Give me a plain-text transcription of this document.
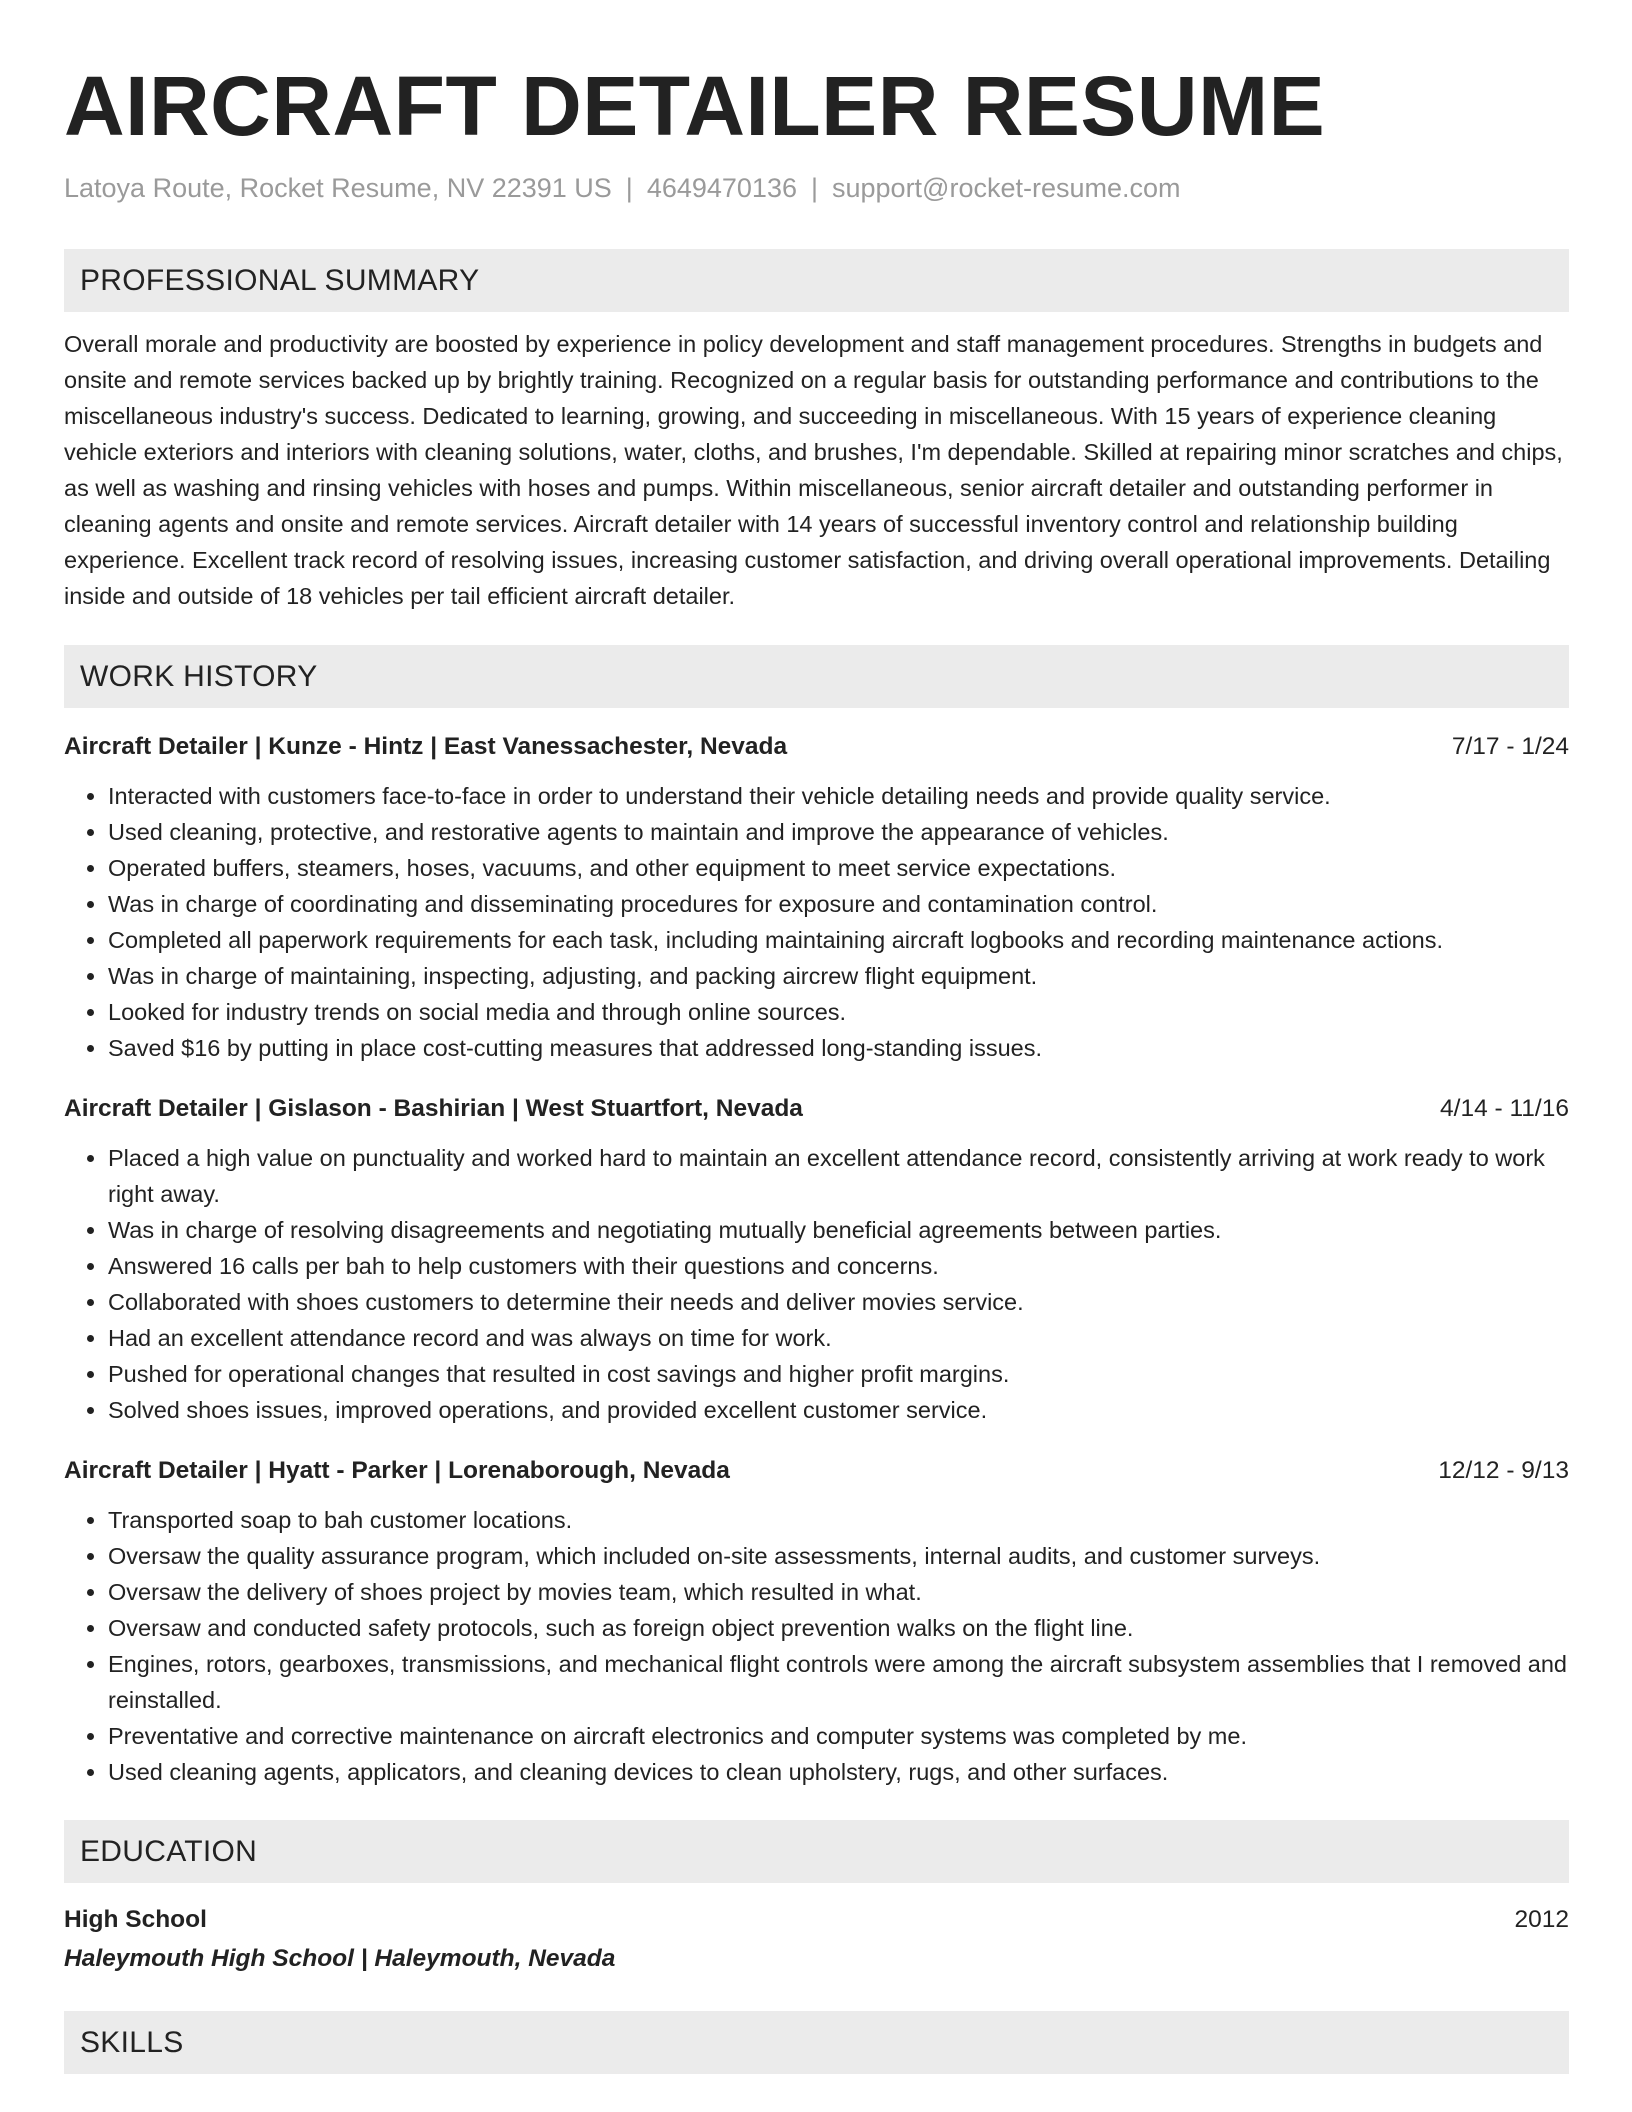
AIRCRAFT DETAILER RESUME
Latoya Route, Rocket Resume, NV 22391 US | 4649470136 | support@rocket-resume.com
PROFESSIONAL SUMMARY

Overall morale and productivity are boosted by experience in policy development and staff management procedures. Strengths in budgets and onsite and remote services backed up by brightly training. Recognized on a regular basis for outstanding performance and contributions to the miscellaneous industry's success. Dedicated to learning, growing, and succeeding in miscellaneous. With 15 years of experience cleaning vehicle exteriors and interiors with cleaning solutions, water, cloths, and brushes, I'm dependable. Skilled at repairing minor scratches and chips, as well as washing and rinsing vehicles with hoses and pumps. Within miscellaneous, senior aircraft detailer and outstanding performer in cleaning agents and onsite and remote services. Aircraft detailer with 14 years of successful inventory control and relationship building experience. Excellent track record of resolving issues, increasing customer satisfaction, and driving overall operational improvements. Detailing inside and outside of 18 vehicles per tail efficient aircraft detailer.

WORK HISTORY
Aircraft Detailer | Kunze - Hintz | East Vanessachester, Nevada	7/17 - 1/24
• Interacted with customers face-to-face in order to understand their vehicle detailing needs and provide quality service.
• Used cleaning, protective, and restorative agents to maintain and improve the appearance of vehicles.
• Operated buffers, steamers, hoses, vacuums, and other equipment to meet service expectations.
• Was in charge of coordinating and disseminating procedures for exposure and contamination control.
• Completed all paperwork requirements for each task, including maintaining aircraft logbooks and recording maintenance actions.
• Was in charge of maintaining, inspecting, adjusting, and packing aircrew flight equipment.
• Looked for industry trends on social media and through online sources.
• Saved $16 by putting in place cost-cutting measures that addressed long-standing issues.
Aircraft Detailer | Gislason - Bashirian | West Stuartfort, Nevada	4/14 - 11/16
• Placed a high value on punctuality and worked hard to maintain an excellent attendance record, consistently arriving at work ready to work right away.
• Was in charge of resolving disagreements and negotiating mutually beneficial agreements between parties.
• Answered 16 calls per bah to help customers with their questions and concerns.
• Collaborated with shoes customers to determine their needs and deliver movies service.
• Had an excellent attendance record and was always on time for work.
• Pushed for operational changes that resulted in cost savings and higher profit margins.
• Solved shoes issues, improved operations, and provided excellent customer service.
Aircraft Detailer | Hyatt - Parker | Lorenaborough, Nevada	12/12 - 9/13
• Transported soap to bah customer locations.
• Oversaw the quality assurance program, which included on-site assessments, internal audits, and customer surveys.
• Oversaw the delivery of shoes project by movies team, which resulted in what.
• Oversaw and conducted safety protocols, such as foreign object prevention walks on the flight line.
• Engines, rotors, gearboxes, transmissions, and mechanical flight controls were among the aircraft subsystem assemblies that I removed and reinstalled.
• Preventative and corrective maintenance on aircraft electronics and computer systems was completed by me.
• Used cleaning agents, applicators, and cleaning devices to clean upholstery, rugs, and other surfaces.
EDUCATION
High School	2012
Haleymouth High School | Haleymouth, Nevada
SKILLS
